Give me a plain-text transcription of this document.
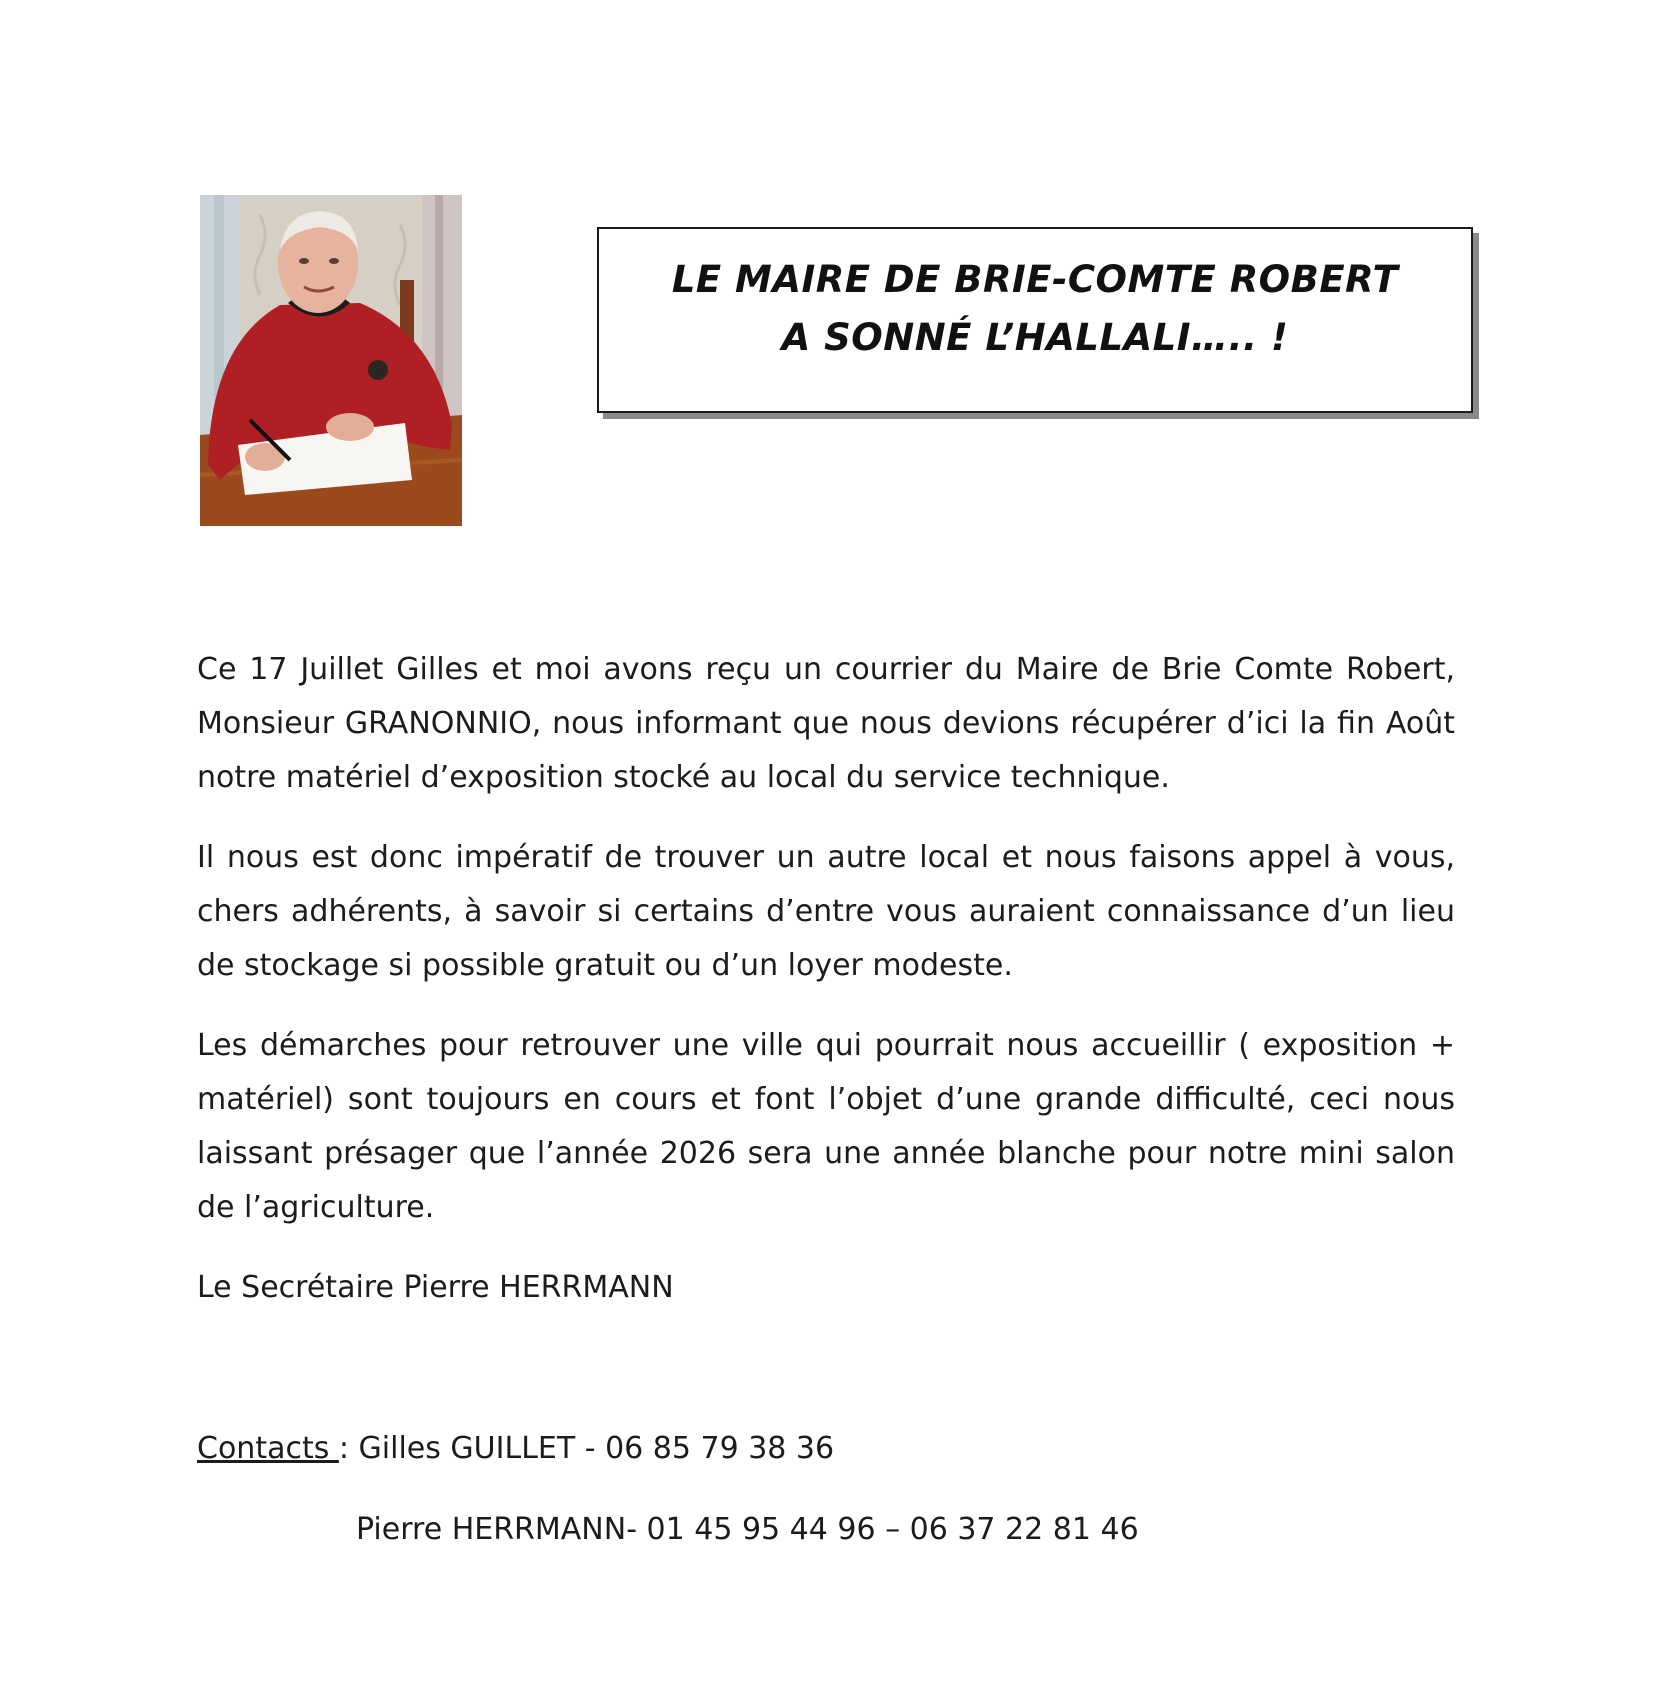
LE MAIRE DE BRIE-COMTE ROBERT
A SONNÉ L’HALLALI….. !

Ce 17 Juillet Gilles et moi avons reçu un courrier du Maire de Brie Comte Robert, Monsieur GRANONNIO, nous informant que nous devions récupérer d’ici la fin Août notre matériel d’exposition stocké au local du service technique.

Il nous est donc impératif de trouver un autre local et nous faisons appel à vous, chers adhérents, à savoir si certains d’entre vous auraient connaissance d’un lieu de stockage si possible gratuit ou d’un loyer modeste.

Les démarches pour retrouver une ville qui pourrait nous accueillir ( exposition + matériel) sont toujours en cours et font l’objet d’une grande difficulté, ceci nous laissant présager que l’année 2026 sera une année blanche pour notre mini salon de l’agriculture.

Le Secrétaire Pierre HERRMANN

Contacts : Gilles GUILLET - 06 85 79 38 36
Pierre HERRMANN- 01 45 95 44 96 – 06 37 22 81 46
